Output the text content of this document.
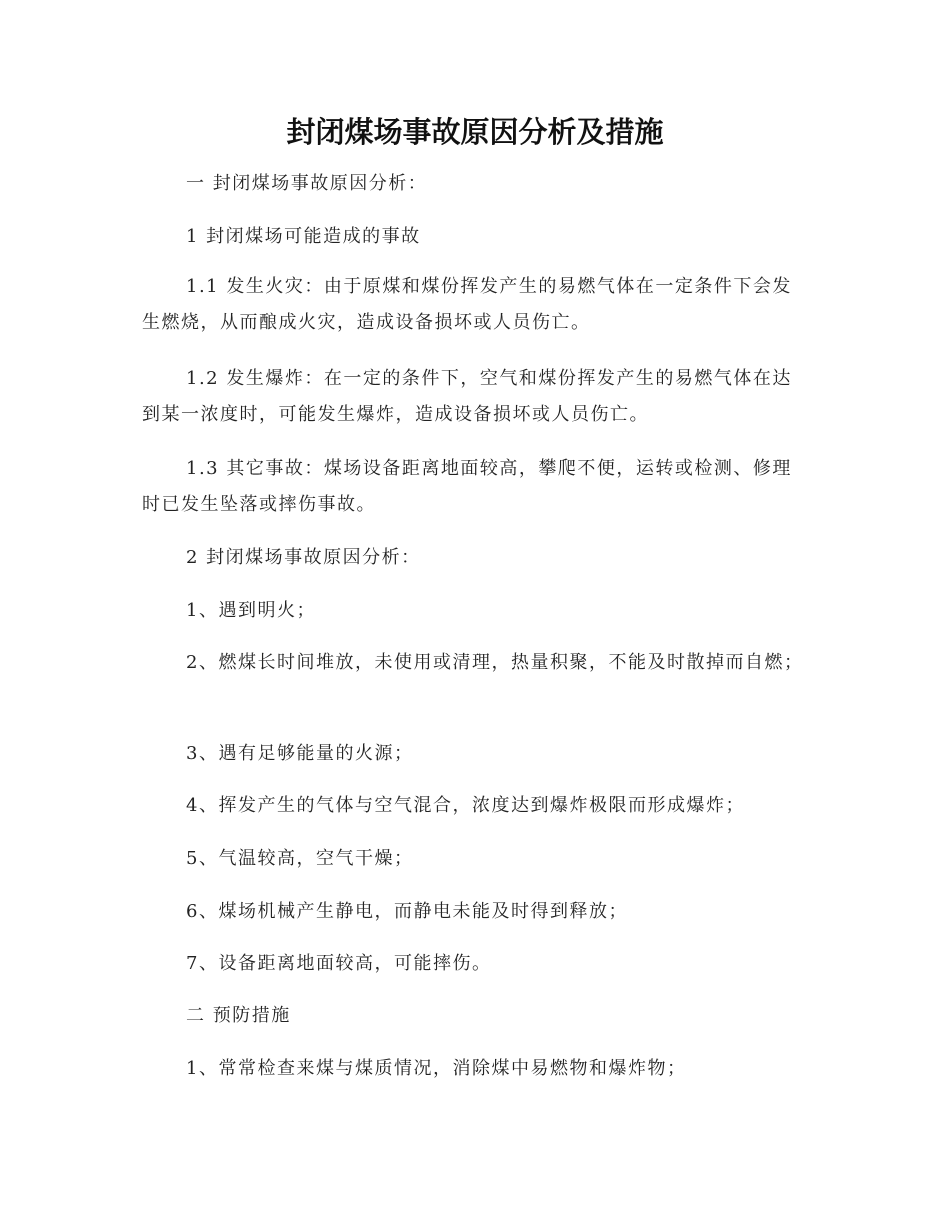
封闭煤场事故原因分析及措施

一 封闭煤场事故原因分析：

1 封闭煤场可能造成的事故

1.1 发生火灾：由于原煤和煤份挥发产生的易燃气体在一定条件下会发生燃烧，从而酿成火灾，造成设备损坏或人员伤亡。

1.2 发生爆炸：在一定的条件下，空气和煤份挥发产生的易燃气体在达到某一浓度时，可能发生爆炸，造成设备损坏或人员伤亡。

1.3 其它事故：煤场设备距离地面较高，攀爬不便，运转或检测、修理时已发生坠落或摔伤事故。

2 封闭煤场事故原因分析：

1、遇到明火；

2、燃煤长时间堆放，未使用或清理，热量积聚，不能及时散掉而自燃；

3、遇有足够能量的火源；

4、挥发产生的气体与空气混合，浓度达到爆炸极限而形成爆炸；

5、气温较高，空气干燥；

6、煤场机械产生静电，而静电未能及时得到释放；

7、设备距离地面较高，可能摔伤。

二 预防措施

1、常常检查来煤与煤质情况，消除煤中易燃物和爆炸物；
